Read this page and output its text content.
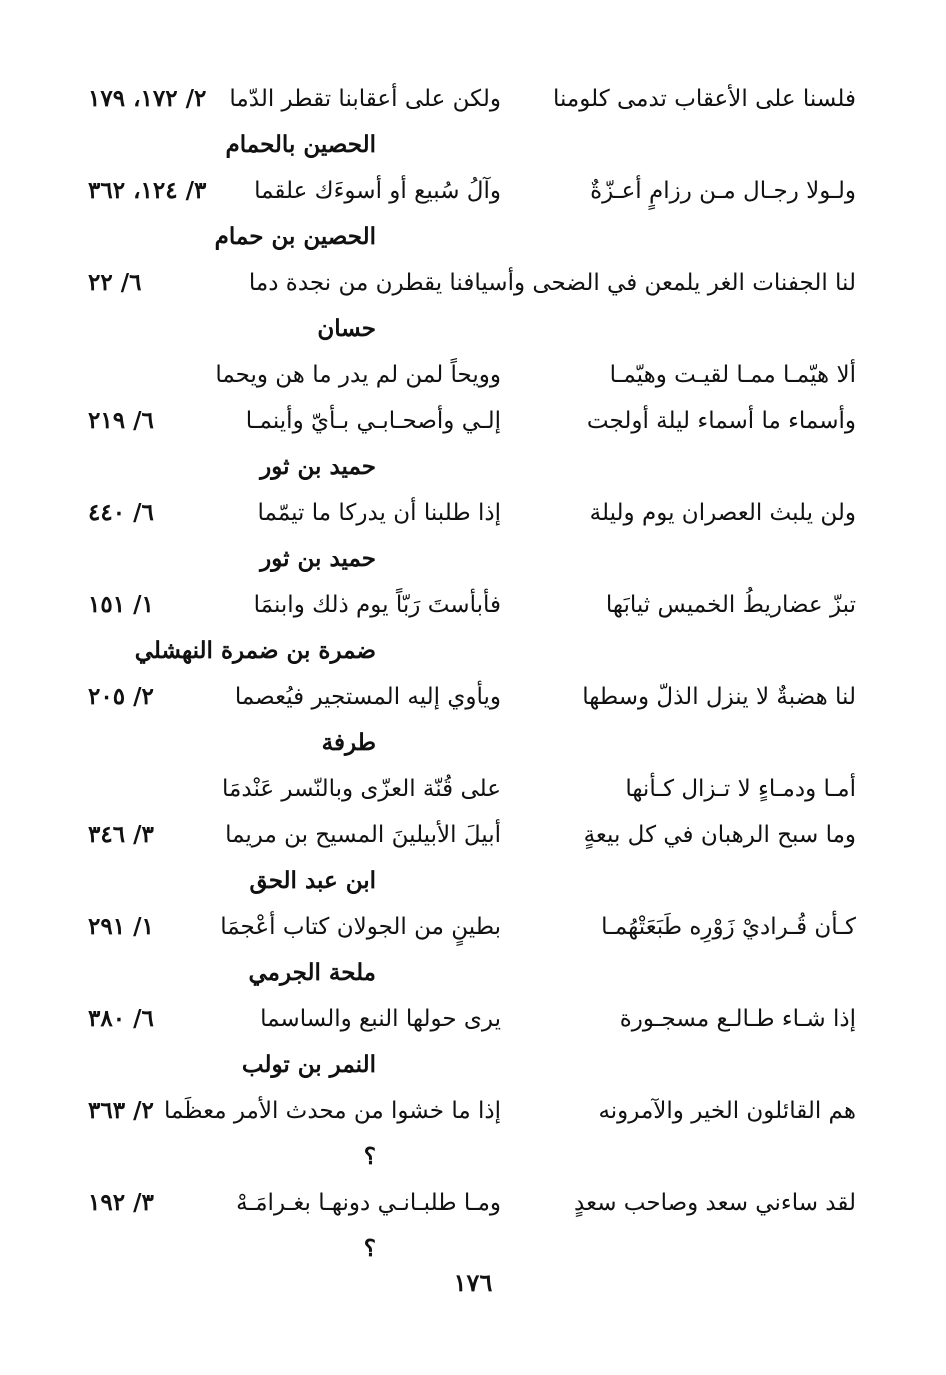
فلسنا على الأعقاب تدمى كلومنا
ولكن على أعقابنا تقطر الدّما
٢/ ١٧٢، ١٧٩
الحصين بالحمام
ولـولا رجـال مـن رزامٍ أعـزّةٌ
وآلُ سُبيع أو أسوءَك علقما
٣/ ١٢٤، ٣٦٢
الحصين بن حمام
لنا الجفنات الغر يلمعن في الضحى وأسيافنا يقطرن من نجدة دما
٦/ ٢٢
حسان
ألا هيّمـا ممـا لقيـت وهيّمـا
وويحاً لمن لم يدر ما هن ويحما
وأسماء ما أسماء ليلة أولجت
إلـي وأصحـابـي بـأيّ وأينمـا
٦/ ٢١٩
حميد بن ثور
ولن يلبث العصران يوم وليلة
إذا طلبنا أن يدركا ما تيمّما
٦/ ٤٤٠
حميد بن ثور
تبزّ عضاريطُ الخميس ثيابَها
فأبأستَ رَبّاً يوم ذلك وابنمَا
١/ ١٥١
ضمرة بن ضمرة النهشلي
لنا هضبةٌ لا ينزل الذلّ وسطها
ويأوي إليه المستجير فيُعصما
٢/ ٢٠٥
طرفة
أمـا ودمـاءٍ لا تـزال كـأنها
على قُنّة العزّى وبالنّسر عَنْدمَا
وما سبح الرهبان في كل بيعةٍ
أبيلَ الأبيلينَ المسيح بن مريما
٣/ ٣٤٦
ابن عبد الحق
كـأن قُـراديْ زَوْرِه طَبَعَتْهُمـا
بطينٍ من الجولان كتاب أعْجمَا
١/ ٢٩١
ملحة الجرمي
إذا شـاء طـالـع مسجـورة
يرى حولها النبع والساسما
٦/ ٣٨٠
النمر بن تولب
هم القائلون الخير والآمرونه
إذا ما خشوا من محدث الأمر معظَما
٢/ ٣٦٣
؟
لقد ساءني سعد وصاحب سعدٍ
ومـا طلبـانـي دونهـا بغـرامَـهْ
٣/ ١٩٢
؟
١٧٦
